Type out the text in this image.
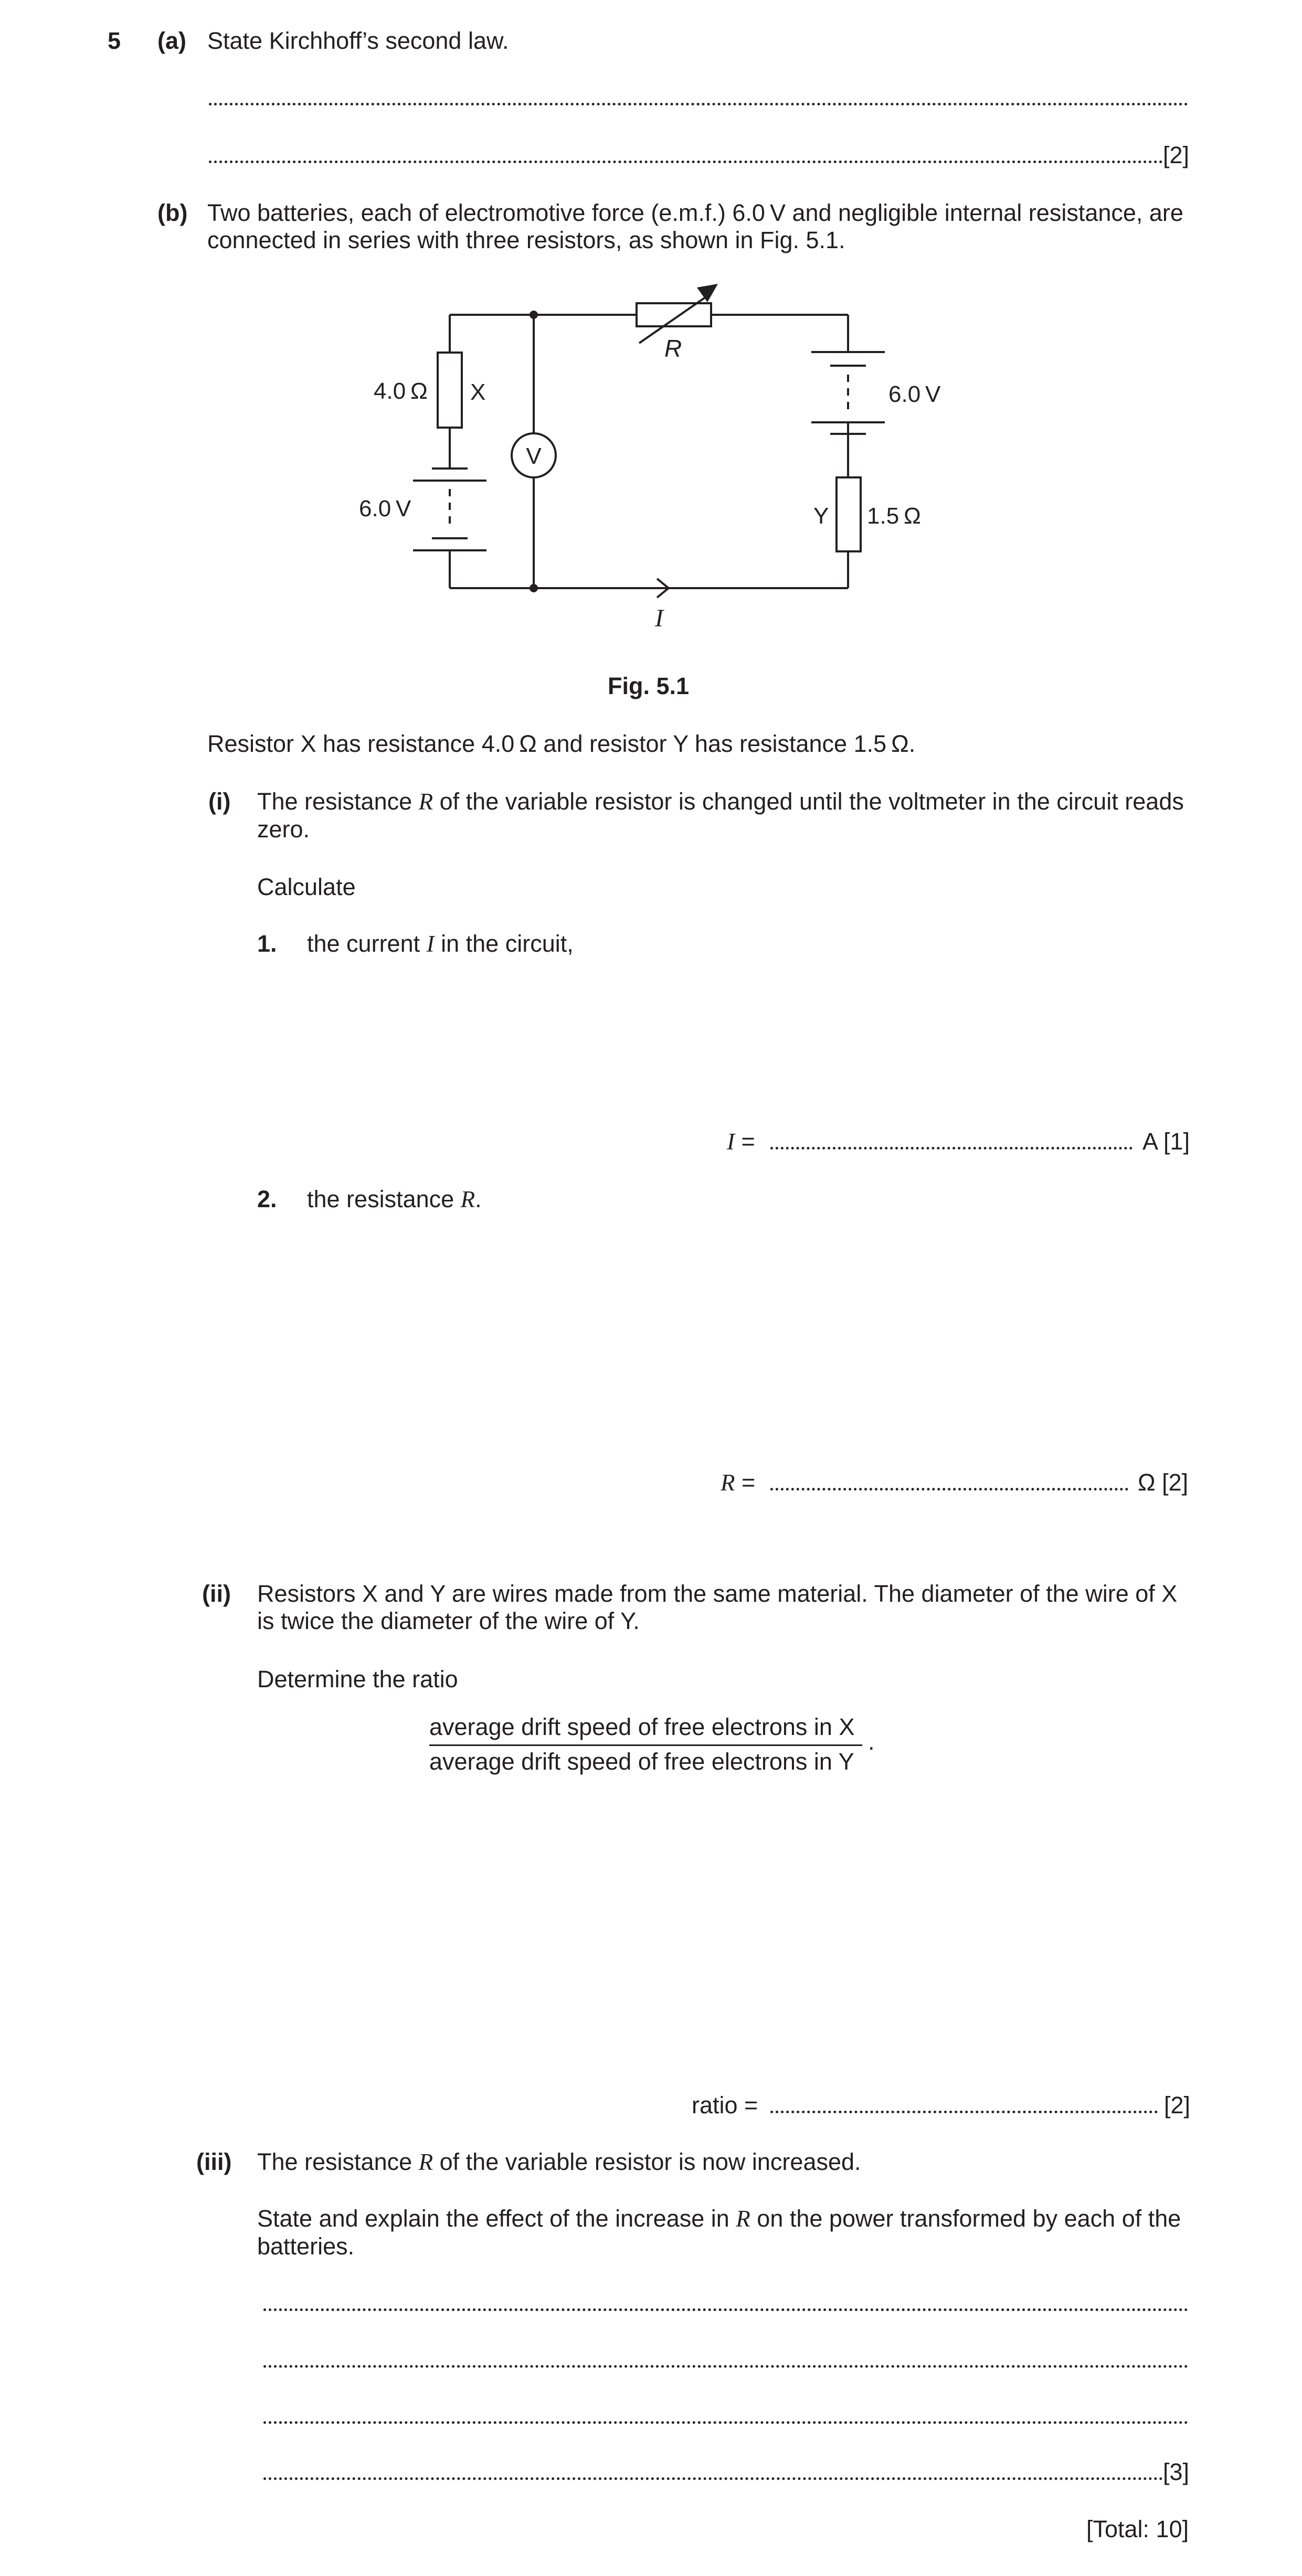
5 (a) State Kirchhoff’s second law.
[2]
(b) Two batteries, each of electromotive force (e.m.f.) 6.0 V and negligible internal resistance, are connected in series with three resistors, as shown in Fig. 5.1.
4.0 Ω X
6.0 V
V
R
6.0 V
Y 1.5 Ω
I
Fig. 5.1
Resistor X has resistance 4.0 Ω and resistor Y has resistance 1.5 Ω.
(i) The resistance R of the variable resistor is changed until the voltmeter in the circuit reads zero.
Calculate
1. the current I in the circuit,
I =	A [1]
2. the resistance R.
R =	Ω [2]
(ii) Resistors X and Y are wires made from the same material. The diameter of the wire of X is twice the diameter of the wire of Y.
Determine the ratio
average drift speed of free electrons in X
average drift speed of free electrons in Y
.
ratio =	[2]
(iii) The resistance R of the variable resistor is now increased.
State and explain the effect of the increase in R on the power transformed by each of the batteries.
[3]
[Total: 10]
